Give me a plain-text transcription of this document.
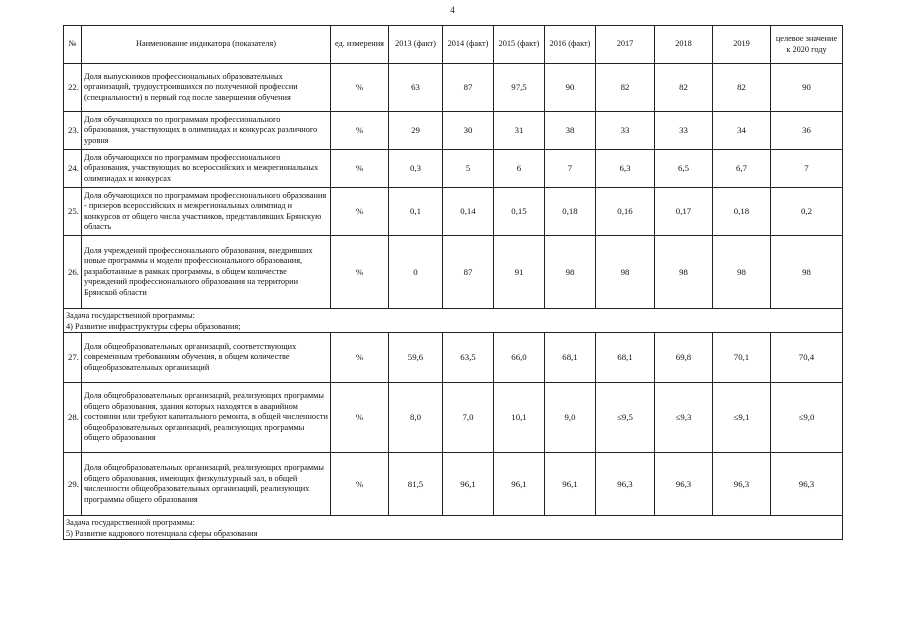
4
№	Наименование индикатора (показателя)	ед. измерения	2013 (факт)	2014 (факт)	2015 (факт)	2016 (факт)	2017	2018	2019	целевое значение к 2020 году
22.	Доля выпускников профессиональных образовательных организаций, трудоустроившихся по полученной профессии (специальности) в первый год после завершения обучения	%	63	87	97,5	90	82	82	82	90
23.	Доля обучающихся по программам профессионального образования, участвующих в олимпиадах и конкурсах различного уровня	%	29	30	31	38	33	33	34	36
24.	Доля обучающихся по программам профессионального образования, участвующих во всероссийских и межрегиональных олимпиадах и конкурсах	%	0,3	5	6	7	6,3	6,5	6,7	7
25.	Доля обучающихся по программам профессионального образования - призеров всероссийских и межрегиональных олимпиад и конкурсов от общего числа участников, представлявших Брянскую область	%	0,1	0,14	0,15	0,18	0,16	0,17	0,18	0,2
26.	Доля учреждений профессионального образования, внедривших новые программы и модели профессионального образования, разработанные в рамках программы, в общем количестве учреждений профессионального образования на территории Брянской области	%	0	87	91	98	98	98	98	98

Задача государственной программы:
4) Развитие инфраструктуры сферы образования;										

27.	Доля общеобразовательных организаций, соответствующих современным требованиям обучения, в общем количестве общеобразовательных организаций	%	59,6	63,5	66,0	68,1	68,1	69,8	70,1	70,4
28.	Доля общеобразовательных организаций, реализующих программы общего образования, здания которых находятся в аварийном состоянии или требуют капитального ремонта, в общей численности общеобразовательных организаций, реализующих программы общего образования	%	8,0	7,0	10,1	9,0	≤9,5	≤9,3	≤9,1	≤9,0
29.	Доля общеобразовательных организаций, реализующих программы общего образования, имеющих физкультурный зал, в общей численности общеобразовательных организаций, реализующих программы общего образования	%	81,5	96,1	96,1	96,1	96,3	96,3	96,3	96,3

Задача государственной программы:
5) Развитие кадрового потенциала сферы образования										
